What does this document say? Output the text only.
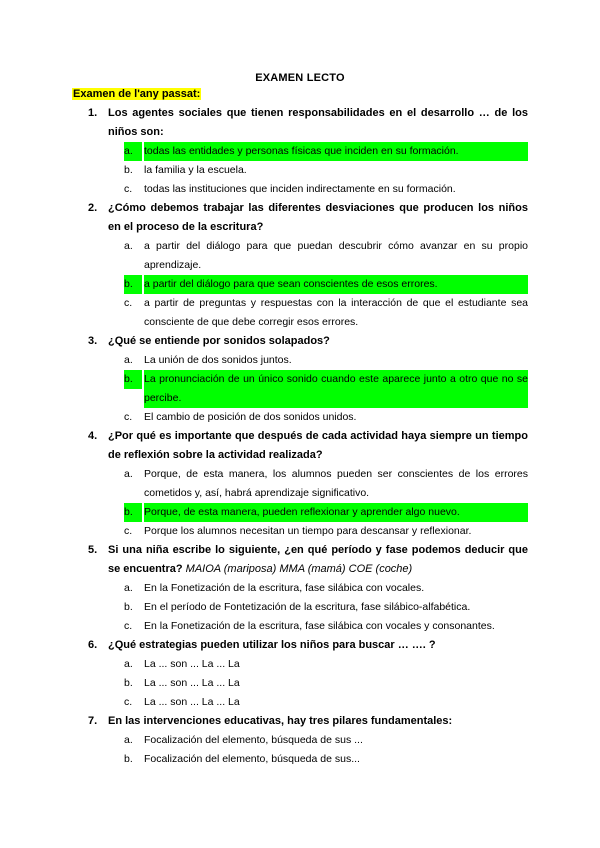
EXAMEN LECTO
Examen de l'any passat:
1. Los agentes sociales que tienen responsabilidades en el desarrollo … de los niños son:
a.	todas las entidades y personas físicas que inciden en su formación.
b.	la familia y la escuela.
c.	todas las instituciones que inciden indirectamente en su formación.
2. ¿Cómo debemos trabajar las diferentes desviaciones que producen los niños en el proceso de la escritura?
a.	a partir del diálogo para que puedan descubrir cómo avanzar en su propio aprendizaje.
b.	a partir del diálogo para que sean conscientes de esos errores.
c.	a partir de preguntas y respuestas con la interacción de que el estudiante sea consciente de que debe corregir esos errores.
3. ¿Qué se entiende por sonidos solapados?
a.	La unión de dos sonidos juntos.
b.	La pronunciación de un único sonido cuando este aparece junto a otro que no se percibe.
c.	El cambio de posición de dos sonidos unidos.
4. ¿Por qué es importante que después de cada actividad haya siempre un tiempo de reflexión sobre la actividad realizada?
a.	Porque, de esta manera, los alumnos pueden ser conscientes de los errores cometidos y, así, habrá aprendizaje significativo.
b.	Porque, de esta manera, pueden reflexionar y aprender algo nuevo.
c.	Porque los alumnos necesitan un tiempo para descansar y reflexionar.
5. Si una niña escribe lo siguiente, ¿en qué período y fase podemos deducir que se encuentra? MAIOA (mariposa) MMA (mamá) COE (coche)
a.	En la Fonetización de la escritura, fase silábica con vocales.
b.	En el período de Fontetización de la escritura, fase silábico-alfabética.
c.	En la Fonetización de la escritura, fase silábica con vocales y consonantes.
6. ¿Qué estrategias pueden utilizar los niños para buscar … …. ?
a.	La ... son ... La ... La
b.	La ... son ... La ... La
c.	La ... son ... La ... La
7. En las intervenciones educativas, hay tres pilares fundamentales:
a.	Focalización del elemento, búsqueda de sus ...
b.	Focalización del elemento, búsqueda de sus...
